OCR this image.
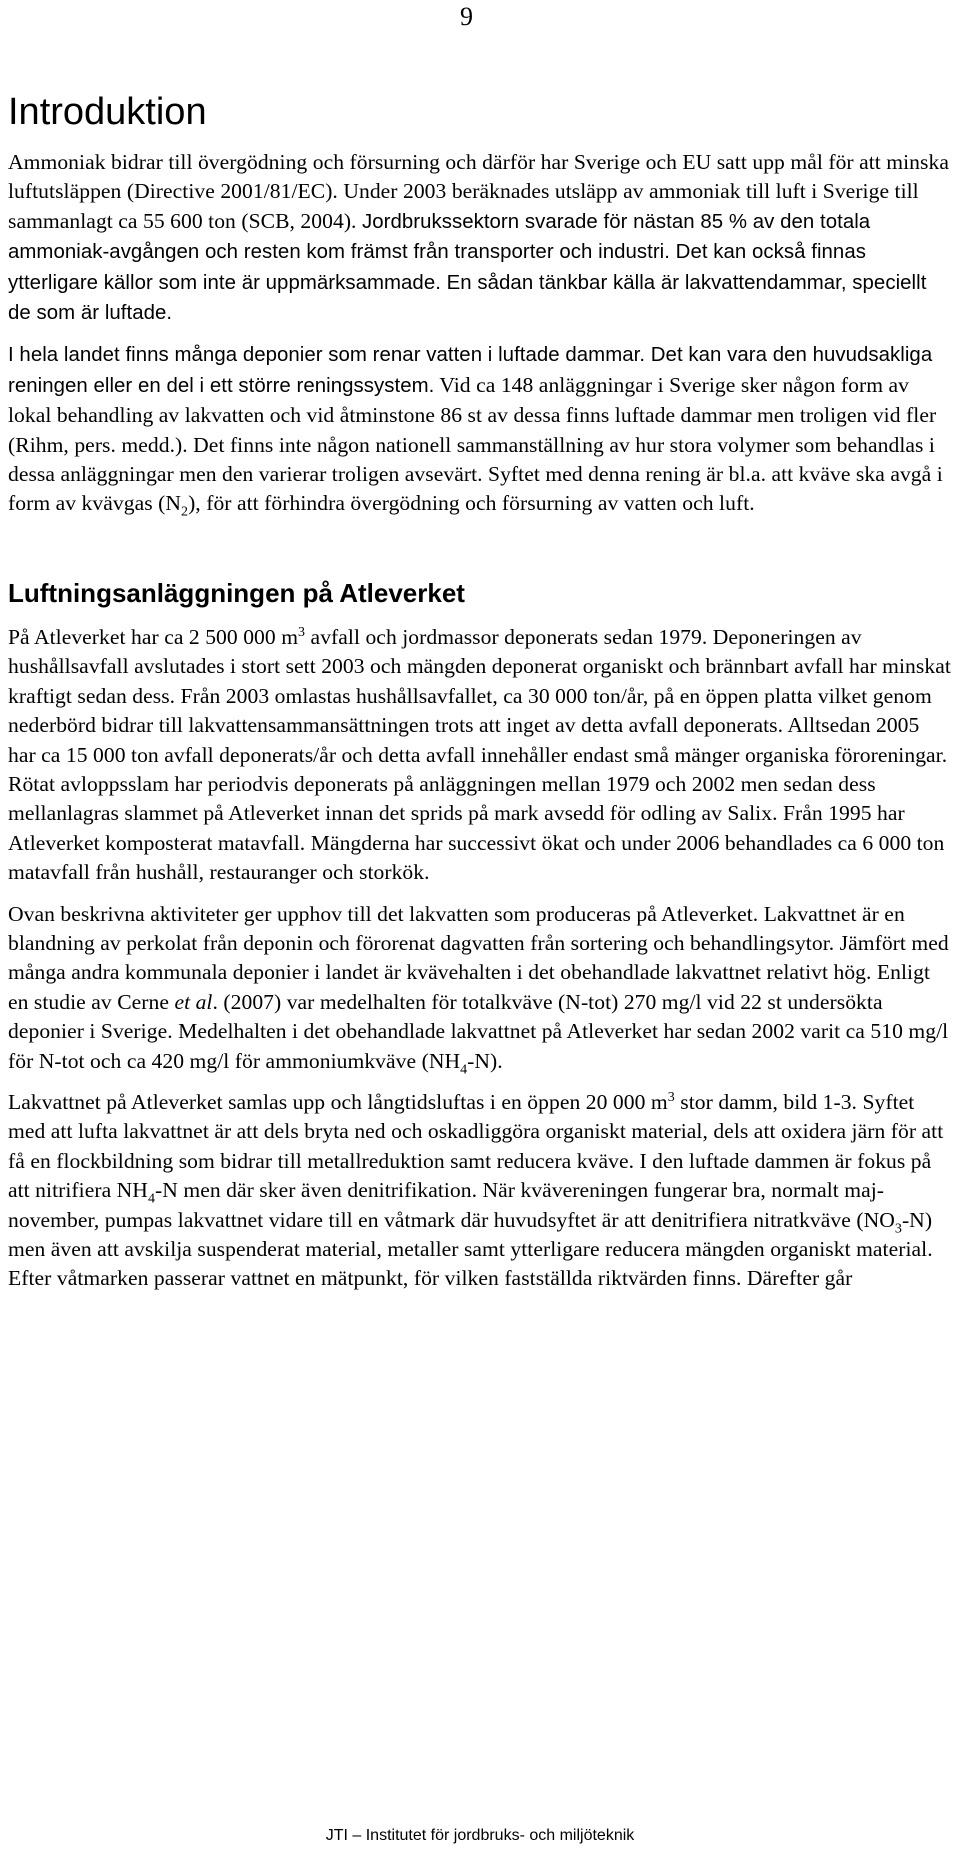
9
Introduktion

Ammoniak bidrar till övergödning och försurning och därför har Sverige och EU satt upp mål för att minska luftutsläppen (Directive 2001/81/EC). Under 2003 beräknades utsläpp av ammoniak till luft i Sverige till sammanlagt ca 55 600 ton (SCB, 2004). Jordbrukssektorn svarade för nästan 85 % av den totala ammoniak-avgången och resten kom främst från transporter och industri. Det kan också finnas ytterligare källor som inte är uppmärksammade. En sådan tänkbar källa är lakvattendammar, speciellt de som är luftade.

I hela landet finns många deponier som renar vatten i luftade dammar. Det kan vara den huvudsakliga reningen eller en del i ett större reningssystem. Vid ca 148 anläggningar i Sverige sker någon form av lokal behandling av lakvatten och vid åtminstone 86 st av dessa finns luftade dammar men troligen vid fler (Rihm, pers. medd.). Det finns inte någon nationell sammanställning av hur stora volymer som behandlas i dessa anläggningar men den varierar troligen avsevärt. Syftet med denna rening är bl.a. att kväve ska avgå i form av kvävgas $(N_2)$, för att förhindra övergödning och försurning av vatten och luft.

Luftningsanläggningen på Atleverket

På Atleverket har ca 2 500 000 $m^3$ avfall och jordmassor deponerats sedan 1979. Deponeringen av hushållsavfall avslutades i stort sett 2003 och mängden deponerat organiskt och brännbart avfall har minskat kraftigt sedan dess. Från 2003 omlastas hushållsavfallet, ca 30 000 ton/år, på en öppen platta vilket genom nederbörd bidrar till lakvattensammansättningen trots att inget av detta avfall deponerats. Alltsedan 2005 har ca 15 000 ton avfall deponerats/år och detta avfall innehåller endast små mänger organiska föroreningar. Rötat avloppsslam har periodvis deponerats på anläggningen mellan 1979 och 2002 men sedan dess mellanlagras slammet på Atleverket innan det sprids på mark avsedd för odling av Salix. Från 1995 har Atleverket komposterat matavfall. Mängderna har successivt ökat och under 2006 behandlades ca 6 000 ton matavfall från hushåll, restauranger och storkök.

Ovan beskrivna aktiviteter ger upphov till det lakvatten som produceras på Atleverket. Lakvattnet är en blandning av perkolat från deponin och förorenat dagvatten från sortering och behandlingsytor. Jämfört med många andra kommunala deponier i landet är kvävehalten i det obehandlade lakvattnet relativt hög. Enligt en studie av Cerne et al. (2007) var medelhalten för totalkväve (N-tot) 270 mg/l vid 22 st undersökta deponier i Sverige. Medelhalten i det obehandlade lakvattnet på Atleverket har sedan 2002 varit ca 510 mg/l för N-tot och ca 420 mg/l för ammoniumkväve $(NH_4-N)$.

Lakvattnet på Atleverket samlas upp och långtidsluftas i en öppen 20 000 $m^3$ stor damm, bild 1-3. Syftet med att lufta lakvattnet är att dels bryta ned och oskadliggöra organiskt material, dels att oxidera järn för att få en flockbildning som bidrar till metallreduktion samt reducera kväve. I den luftade dammen är fokus på att nitrifiera $NH_4-N$ men där sker även denitrifikation. När kvävereningen fungerar bra, normalt maj-november, pumpas lakvattnet vidare till en våtmark där huvudsyftet är att denitrifiera nitratkväve $(NO_3-N)$ men även att avskilja suspenderat material, metaller samt ytterligare reducera mängden organiskt material. Efter våtmarken passerar vattnet en mätpunkt, för vilken fastställda riktvärden finns. Därefter går

JTI – Institutet för jordbruks- och miljöteknik
